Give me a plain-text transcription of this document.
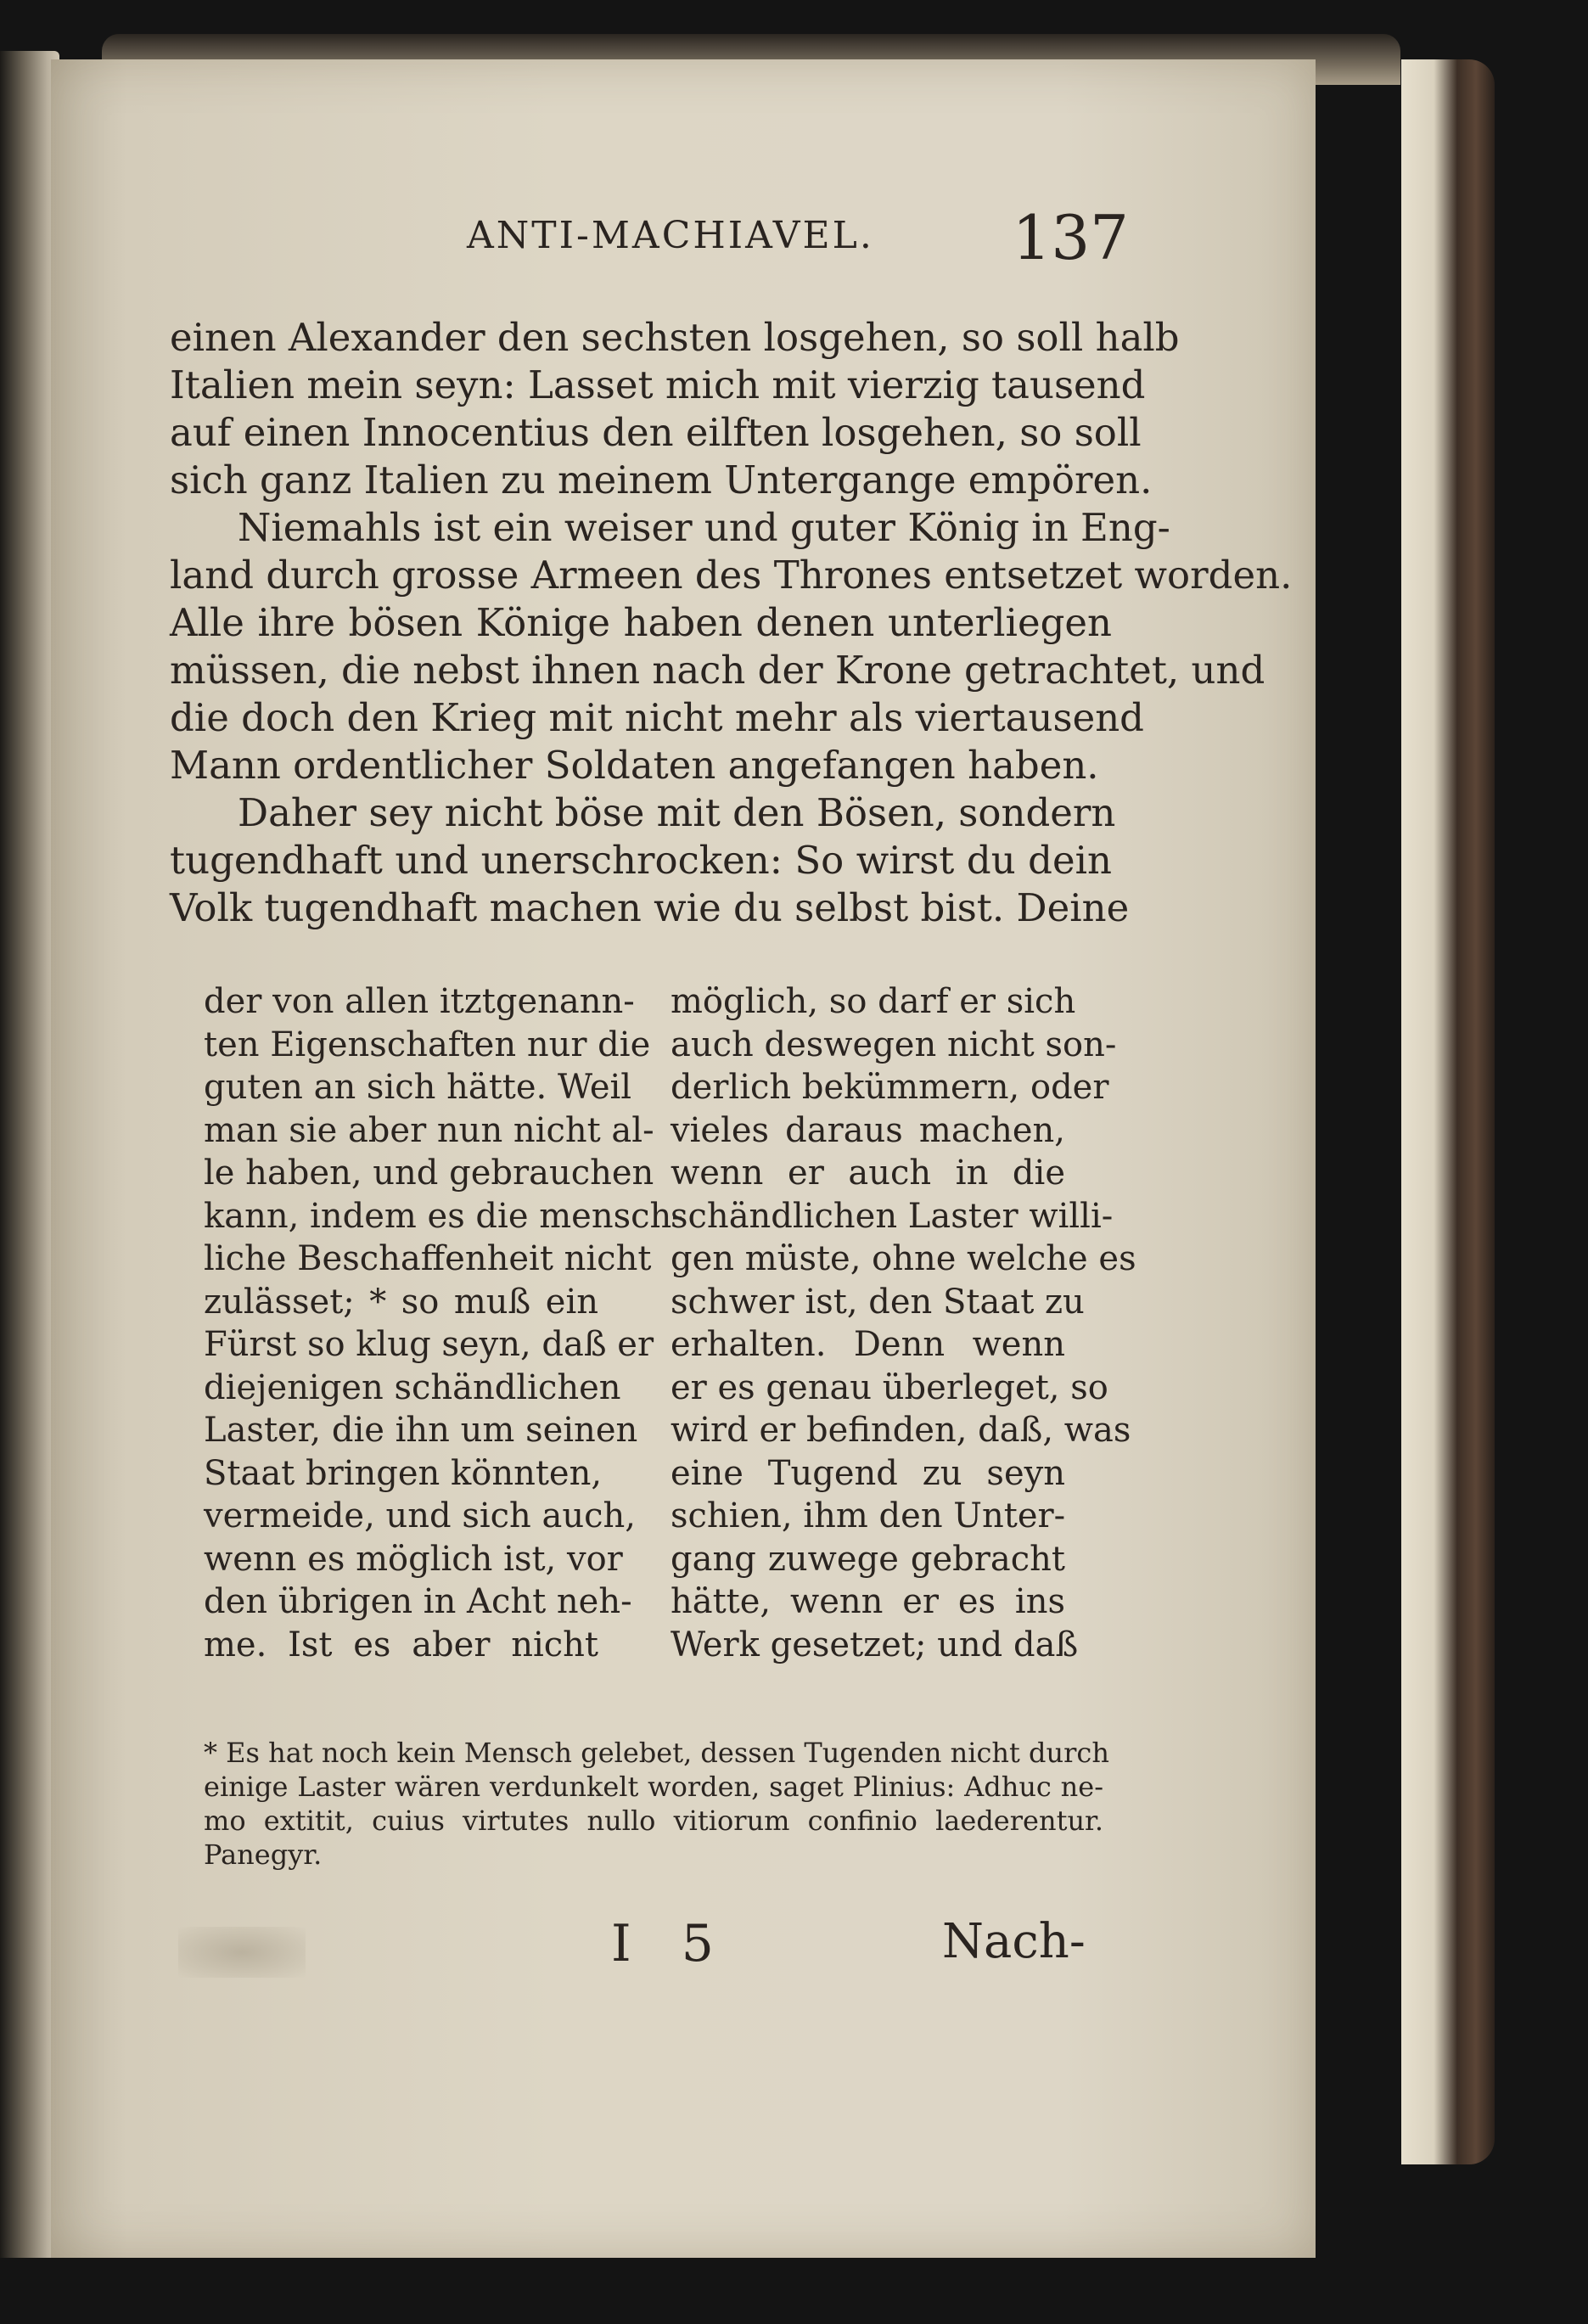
ANTI-MACHIAVEL. 137
einen Alexander den sechsten losgehen, so soll halb
Italien mein seyn: Lasset mich mit vierzig tausend
auf einen Innocentius den eilften losgehen, so soll
sich ganz Italien zu meinem Untergange empören.
Niemahls ist ein weiser und guter König in Eng-
land durch grosse Armeen des Thrones entsetzet worden.
Alle ihre bösen Könige haben denen unterliegen
müssen, die nebst ihnen nach der Krone getrachtet, und
die doch den Krieg mit nicht mehr als viertausend
Mann ordentlicher Soldaten angefangen haben.
Daher sey nicht böse mit den Bösen, sondern
tugendhaft und unerschrocken: So wirst du dein
Volk tugendhaft machen wie du selbst bist. Deine
der von allen itztgenann-
ten Eigenschaften nur die
guten an sich hätte. Weil
man sie aber nun nicht al-
le haben, und gebrauchen
kann, indem es die mensch-
liche Beschaffenheit nicht
zulässet; * so muß ein
Fürst so klug seyn, daß er
diejenigen schändlichen
Laster, die ihn um seinen
Staat bringen könnten,
vermeide, und sich auch,
wenn es möglich ist, vor
den übrigen in Acht neh-
me. Ist es aber nicht
möglich, so darf er sich
auch deswegen nicht son-
derlich bekümmern, oder
vieles daraus machen,
wenn er auch in die
schändlichen Laster willi-
gen müste, ohne welche es
schwer ist, den Staat zu
erhalten. Denn wenn
er es genau überleget, so
wird er befinden, daß, was
eine Tugend zu seyn
schien, ihm den Unter-
gang zuwege gebracht
hätte, wenn er es ins
Werk gesetzet; und daß
* Es hat noch kein Mensch gelebet, dessen Tugenden nicht durch
einige Laster wären verdunkelt worden, saget Plinius: Adhuc ne-
mo extitit, cuius virtutes nullo vitiorum confinio laederentur.
Panegyr.
I 5	Nach-
